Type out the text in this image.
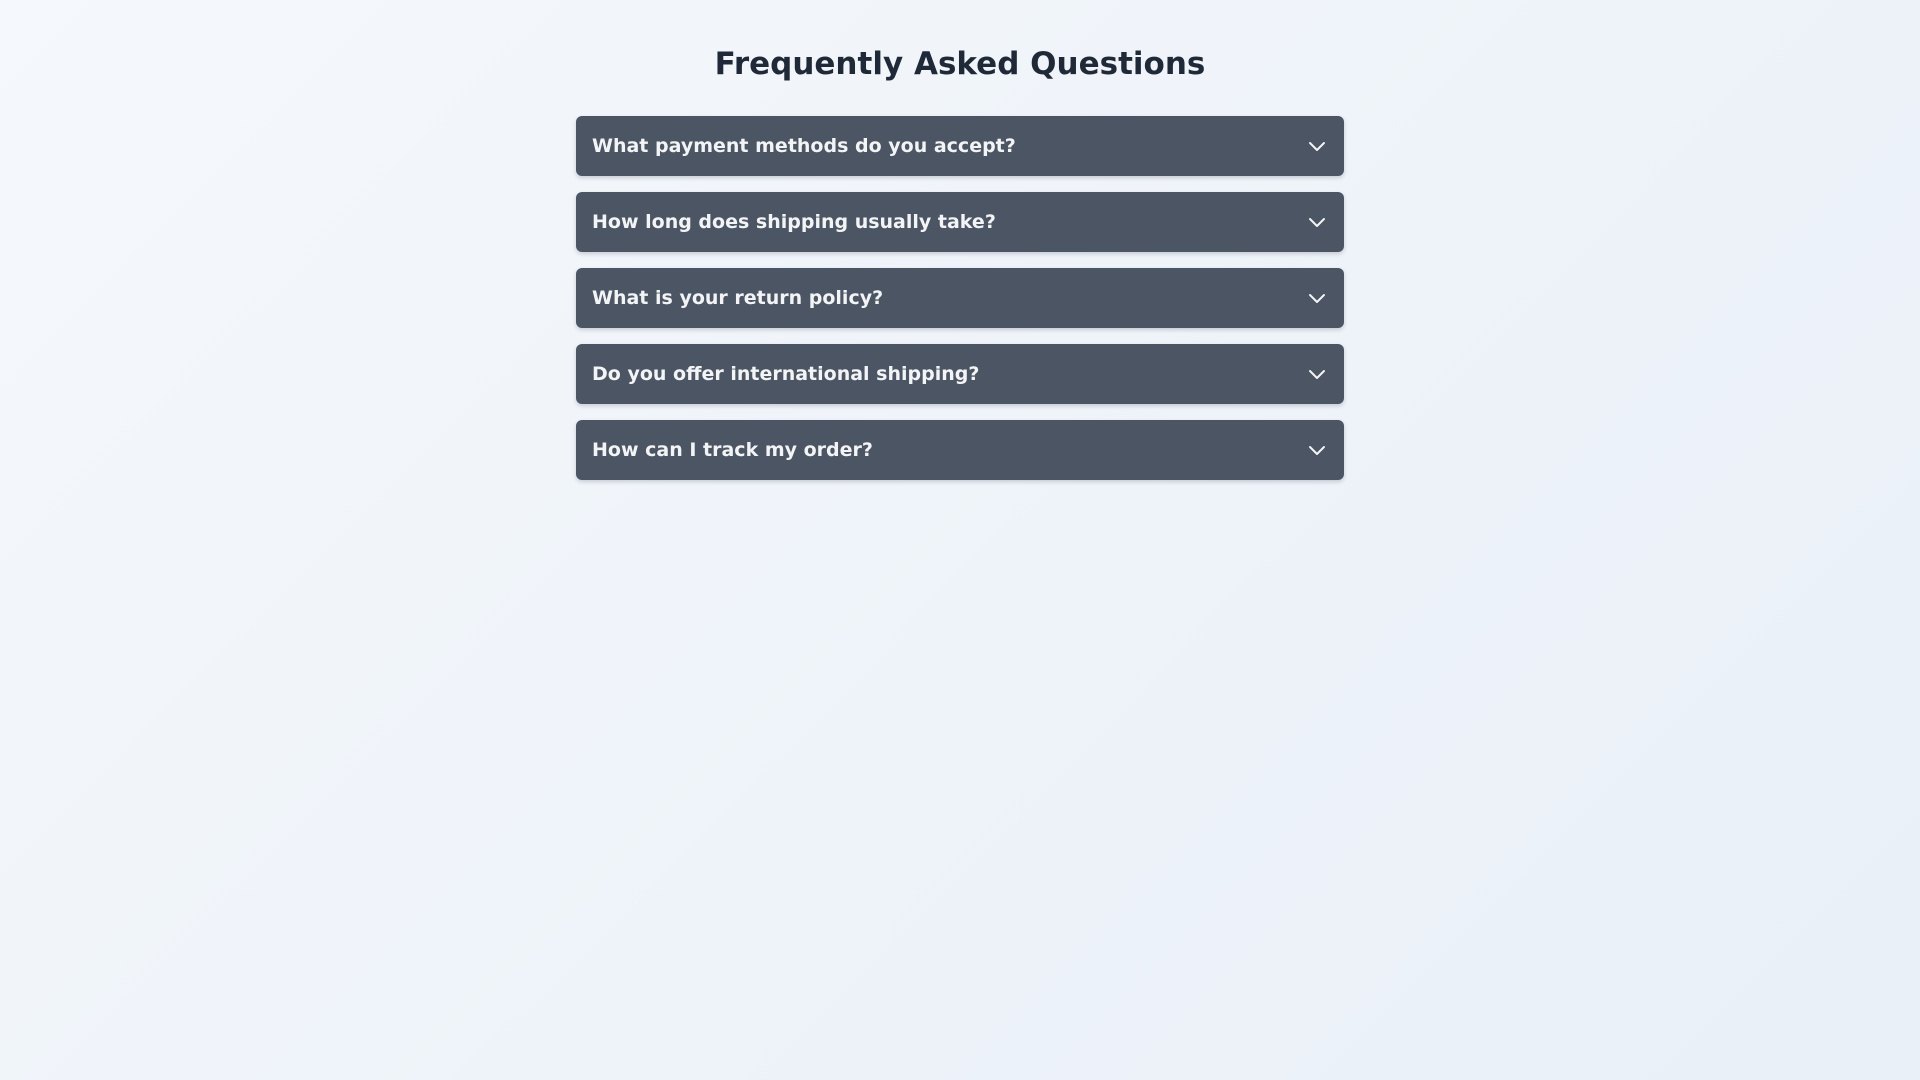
Frequently Asked Questions
What payment methods do you accept?
How long does shipping usually take?
What is your return policy?
Do you offer international shipping?
How can I track my order?
